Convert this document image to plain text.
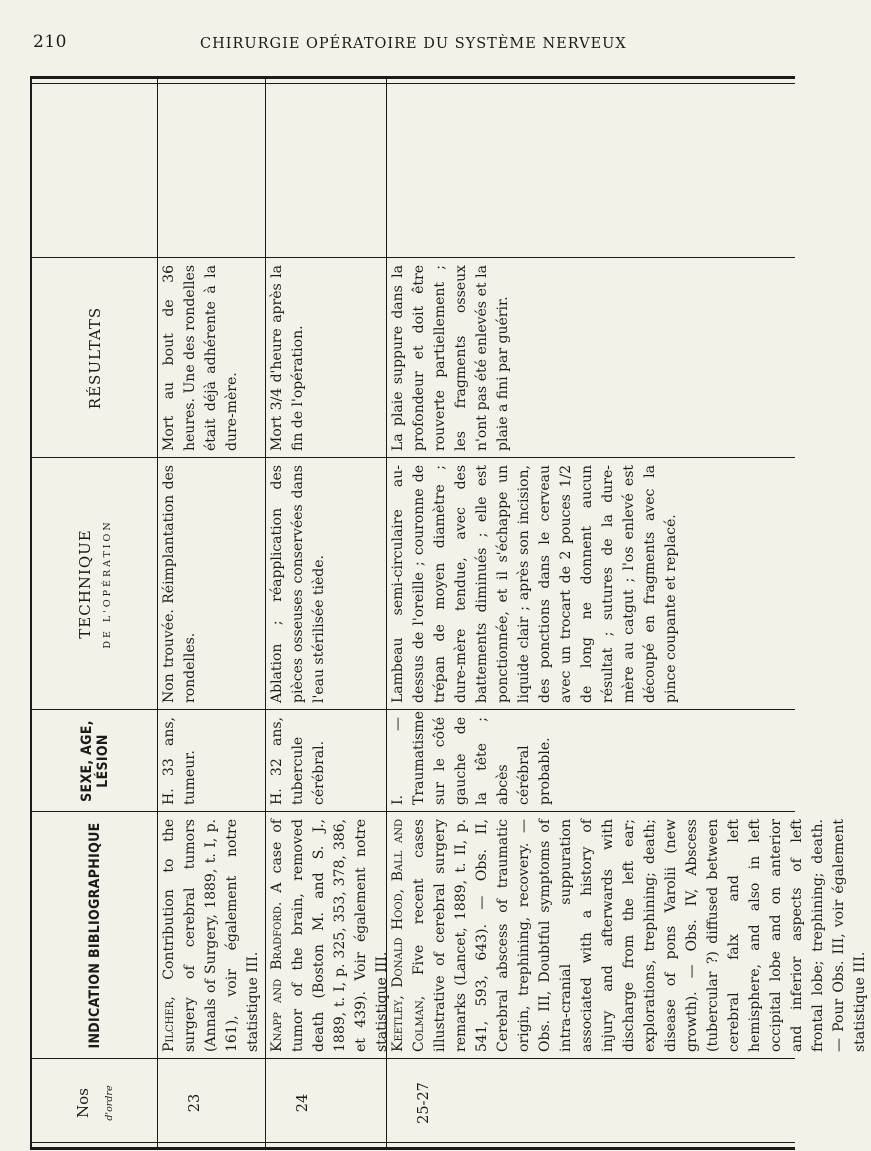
210	CHIRURGIE OPÉRATOIRE DU SYSTÈME NERVEUX
Nos d'ordre
INDICATION BIBLIOGRAPHIQUE
SEXE, AGE, LÉSION
TECHNIQUE DE L'OPÉRATION
RÉSULTATS
23
Pilcher, Contribution to the surgery of cerebral tumors (Annals of Surgery, 1889, t. I, p. 161), voir également notre statistique III.
H. 33 ans, tumeur.
Non trouvée. Réimplantation des rondelles.
Mort au bout de 36 heures. Une des rondelles était déjà adhérente à la dure-mère.
24
Knapp and Bradford. A case of tumor of the brain, removed death (Boston M. and S. J., 1889, t. I, p. 325, 353, 378, 386, et 439). Voir également notre statistique III.
H. 32 ans, tubercule cérébral.
Ablation ; réapplication des pièces osseuses conservées dans l'eau stérilisée tiède.
Mort 3/4 d'heure après la fin de l'opération.
25-27
Keetley, Donald Hood, Ball and Colman, Five recent cases illustrative of cerebral surgery remarks (Lancet, 1889, t. II, p. 541, 593, 643). — Obs. II, Cerebral abscess of traumatic origin, trephining, recovery. — Obs. III, Doubtful symptoms of intra-cranial suppuration associated with a history of injury and afterwards with discharge from the left ear; explorations, trephining; death; disease of pons Varolii (new growth). — Obs. IV, Abscess (tubercular ?) diffused between cerebral falx and left hemisphere, and also in left occipital lobe and on anterior and inferior aspects of left frontal lobe; trephining; death. — Pour Obs. III, voir également statistique III.
I. — Traumatisme sur le côté gauche de la tête ; abcès cérébral probable.
Lambeau semi-circulaire au-dessus de l'oreille ; couronne de trépan de moyen diamètre ; dure-mère tendue, avec des battements diminués ; elle est ponctionnée, et il s'échappe un liquide clair ; après son incision, des ponctions dans le cerveau avec un trocart de 2 pouces 1/2 de long ne donnent aucun résultat ; sutures de la dure-mère au catgut ; l'os enlevé est découpé en fragments avec la pince coupante et replacé.
La plaie suppure dans la profondeur et doit être rouverte partiellement ; les fragments osseux n'ont pas été enlevés et la plaie a fini par guérir.
